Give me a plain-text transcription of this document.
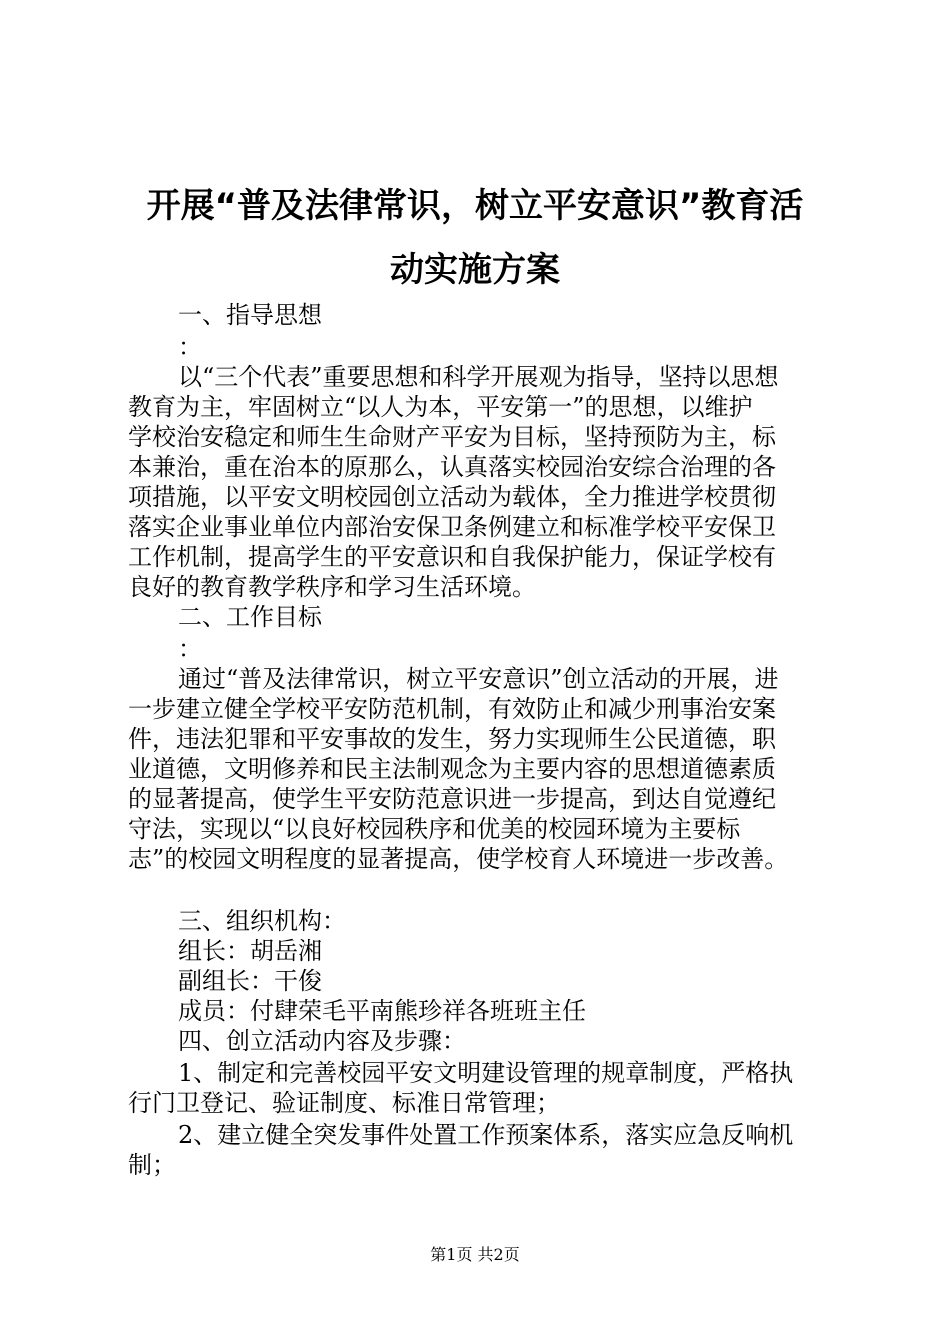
开展“普及法律常识，树立平安意识”教育活
动实施方案
一、指导思想
：
以“三个代表”重要思想和科学开展观为指导，坚持以思想
教育为主，牢固树立“以人为本，平安第一”的思想，以维护
学校治安稳定和师生生命财产平安为目标，坚持预防为主，标
本兼治，重在治本的原那么，认真落实校园治安综合治理的各
项措施，以平安文明校园创立活动为载体，全力推进学校贯彻
落实企业事业单位内部治安保卫条例建立和标准学校平安保卫
工作机制，提高学生的平安意识和自我保护能力，保证学校有
良好的教育教学秩序和学习生活环境。
二、工作目标
：
通过“普及法律常识，树立平安意识”创立活动的开展，进
一步建立健全学校平安防范机制，有效防止和减少刑事治安案
件，违法犯罪和平安事故的发生，努力实现师生公民道德，职
业道德，文明修养和民主法制观念为主要内容的思想道德素质
的显著提高，使学生平安防范意识进一步提高，到达自觉遵纪
守法，实现以“以良好校园秩序和优美的校园环境为主要标
志”的校园文明程度的显著提高，使学校育人环境进一步改善。
三、组织机构：
组长：胡岳湘
副组长：干俊
成员：付肆荣毛平南熊珍祥各班班主任
四、创立活动内容及步骤：
1、制定和完善校园平安文明建设管理的规章制度，严格执
行门卫登记、验证制度、标准日常管理；
2、建立健全突发事件处置工作预案体系，落实应急反响机
制；
第1页 共2页
